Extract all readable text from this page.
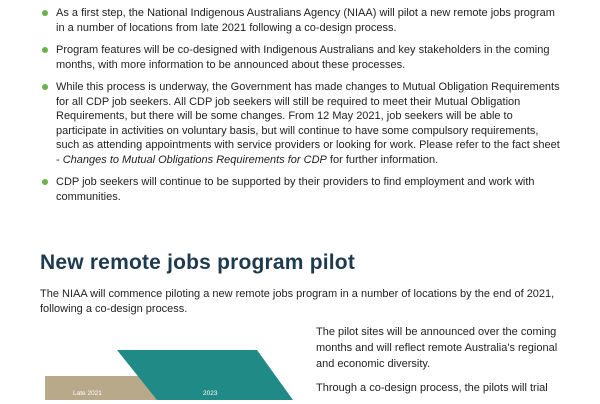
As a first step, the National Indigenous Australians Agency (NIAA) will pilot a new remote jobs program in a number of locations from late 2021 following a co-design process.
Program features will be co-designed with Indigenous Australians and key stakeholders in the coming months, with more information to be announced about these processes.
While this process is underway, the Government has made changes to Mutual Obligation Requirements for all CDP job seekers. All CDP job seekers will still be required to meet their Mutual Obligation Requirements, but there will be some changes. From 12 May 2021, job seekers will be able to participate in activities on voluntary basis, but will continue to have some compulsory requirements, such as attending appointments with service providers or looking for work. Please refer to the fact sheet - Changes to Mutual Obligations Requirements for CDP for further information.
CDP job seekers will continue to be supported by their providers to find employment and work with communities.
New remote jobs program pilot

The NIAA will commence piloting a new remote jobs program in a number of locations by the end of 2021, following a co-design process.

Late 2021	2023

The pilot sites will be announced over the coming months and will reflect remote Australia's regional and economic diversity.

Through a co-design process, the pilots will trial
